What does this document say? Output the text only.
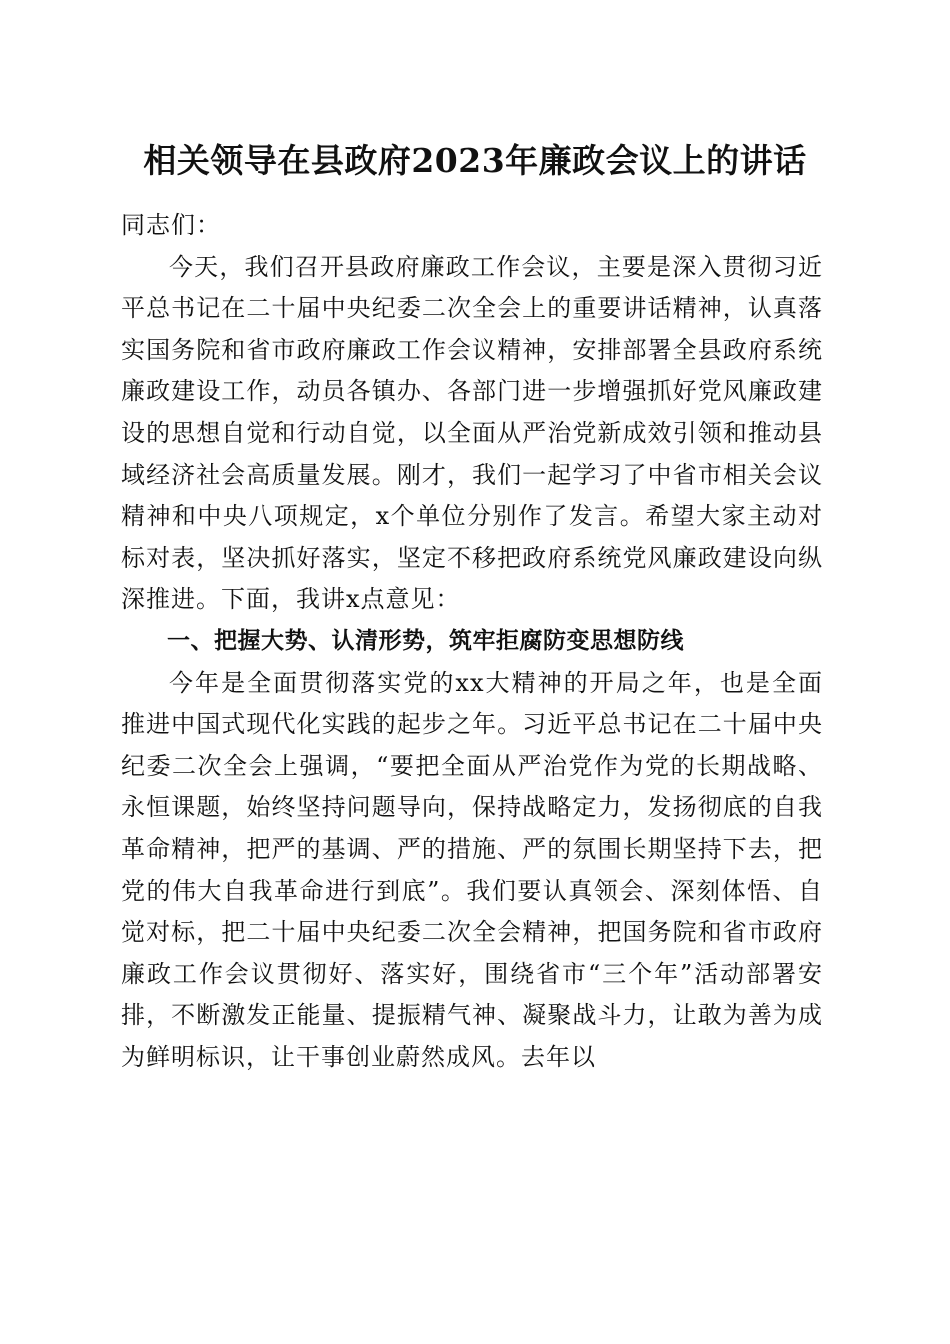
相关领导在县政府2023年廉政会议上的讲话

同志们：

今天，我们召开县政府廉政工作会议，主要是深入贯彻习近平总书记在二十届中央纪委二次全会上的重要讲话精神，认真落实国务院和省市政府廉政工作会议精神，安排部署全县政府系统廉政建设工作，动员各镇办、各部门进一步增强抓好党风廉政建设的思想自觉和行动自觉，以全面从严治党新成效引领和推动县域经济社会高质量发展。刚才，我们一起学习了中省市相关会议精神和中央八项规定，x个单位分别作了发言。希望大家主动对标对表，坚决抓好落实，坚定不移把政府系统党风廉政建设向纵深推进。下面，我讲x点意见：

一、把握大势、认清形势，筑牢拒腐防变思想防线

今年是全面贯彻落实党的xx大精神的开局之年，也是全面推进中国式现代化实践的起步之年。习近平总书记在二十届中央纪委二次全会上强调，“要把全面从严治党作为党的长期战略、永恒课题，始终坚持问题导向，保持战略定力，发扬彻底的自我革命精神，把严的基调、严的措施、严的氛围长期坚持下去，把党的伟大自我革命进行到底”。我们要认真领会、深刻体悟、自觉对标，把二十届中央纪委二次全会精神，把国务院和省市政府廉政工作会议贯彻好、落实好，围绕省市“三个年”活动部署安排，不断激发正能量、提振精气神、凝聚战斗力，让敢为善为成为鲜明标识，让干事创业蔚然成风。去年以
